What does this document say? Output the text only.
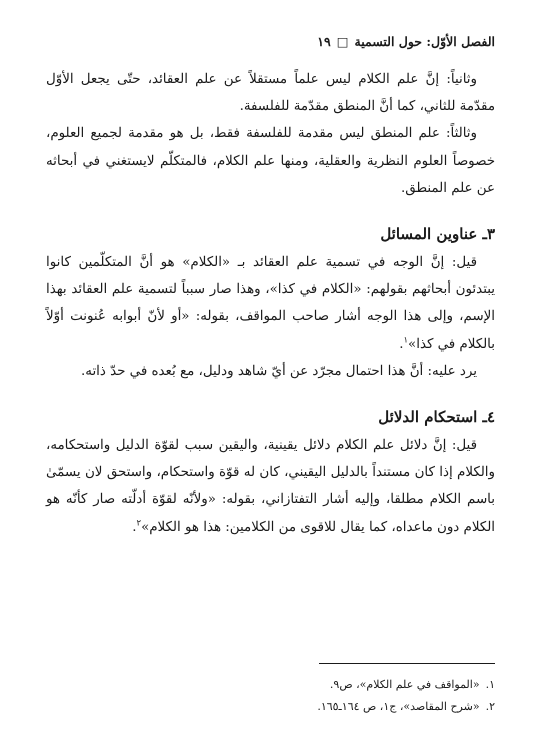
الفصل الأوّل: حول التسمية
□
١٩

وثانياً: إنَّ علم الكلام ليس علماً مستقلاً عن علم العقائد، حتّى يجعل الأوّل مقدّمة للثاني، كما أنَّ المنطق مقدّمة للفلسفة.

وثالثاً: علم المنطق ليس مقدمة للفلسفة فقط، بل هو مقدمة لجميع العلوم، خصوصاً العلوم النظرية والعقلية، ومنها علم الكلام، فالمتكلّم لايستغني في أبحاثه عن علم المنطق.

٣ـ عناوين المسائل

قيل: إنَّ الوجه في تسمية علم العقائد بـ «الكلام» هو أنَّ المتكلّمين كانوا يبتدئون أبحاثهم بقولهم: «الكلام في كذا»، وهذا صار سبباً لتسمية علم العقائد بهذا الإسم، وإلى هذا الوجه أشار صاحب المواقف، بقوله: «أو لأنّ أبوابه عُنونت أوّلاً بالكلام في كذا»$^١$.

يرد عليه: أنَّ هذا احتمال مجرّد عن أيّ شاهد ودليل، مع بُعده في حدّ ذاته.

٤ـ استحكام الدلائل

قيل: إنَّ دلائل علم الكلام دلائل يقينية، واليقين سبب لقوّة الدليل واستحكامه، والكلام إذا كان مستنداً بالدليل اليقيني، كان له قوّة واستحكام، واستحق لان يسمّىٰ باسم الكلام مطلقا، وإليه أشار التفتازاني، بقوله: «ولأنّه لقوّة أدلّته صار كأنّه هو الكلام دون ماعداه، كما يقال للاقوى من الكلامين: هذا هو الكلام»$^٢$.

١.
«المواقف في علم الكلام»، ص٩.
٢.
«شرح المقاصد»، ج١، ص ١٦٤ـ١٦٥.
